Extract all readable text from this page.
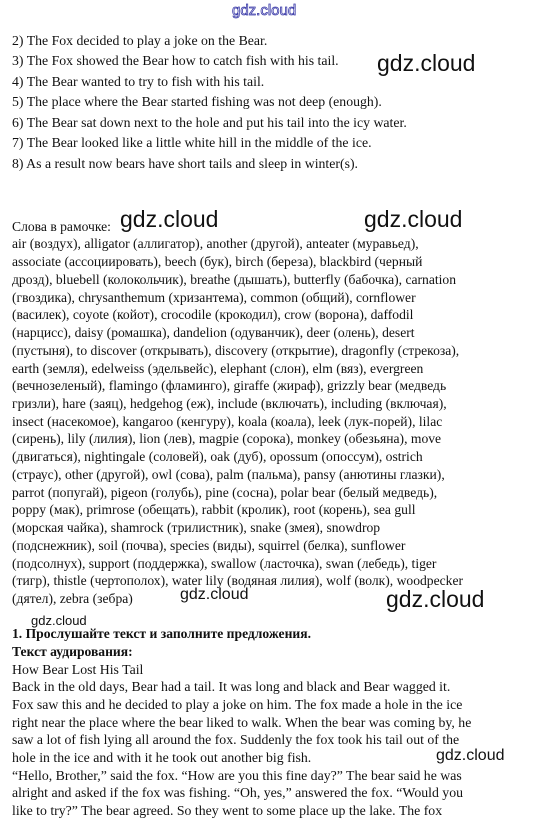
gdz.cloud
2) The Fox decided to play a joke on the Bear.
3) The Fox showed the Bear how to catch fish with his tail.
4) The Bear wanted to try to fish with his tail.
5) The place where the Bear started fishing was not deep (enough).
6) The Bear sat down next to the hole and put his tail into the icy water.
7) The Bear looked like a little white hill in the middle of the ice.
8) As a result now bears have short tails and sleep in winter(s).
gdz.cloud
Слова в рамочке: gdz.cloud	gdz.cloud
air (воздух), alligator (аллигатор), another (другой), anteater (муравьед),
associate (ассоциировать), beech (бук), birch (береза), blackbird (черный
дрозд), bluebell (колокольчик), breathe (дышать), butterfly (бабочка), carnation
(гвоздика), chrysanthemum (хризантема), common (общий), cornflower
(василек), coyote (койот), crocodile (крокодил), crow (ворона), daffodil
(нарцисс), daisy (ромашка), dandelion (одуванчик), deer (олень), desert
(пустыня), to discover (открывать), discovery (открытие), dragonfly (стрекоза),
earth (земля), edelweiss (эдельвейс), elephant (слон), elm (вяз), evergreen
(вечнозеленый), flamingo (фламинго), giraffe (жираф), grizzly bear (медведь
гризли), hare (заяц), hedgehog (еж), include (включать), including (включая),
insect (насекомое), kangaroo (кенгуру), koala (коала), leek (лук-порей), lilac
(сирень), lily (лилия), lion (лев), magpie (сорока), monkey (обезьяна), move
(двигаться), nightingale (соловей), oak (дуб), opossum (опоссум), ostrich
(страус), other (другой), owl (сова), palm (пальма), pansy (анютины глазки),
parrot (попугай), pigeon (голубь), pine (сосна), polar bear (белый медведь),
poppy (мак), primrose (обещать), rabbit (кролик), root (корень), sea gull
(морская чайка), shamrock (трилистник), snake (змея), snowdrop
(подснежник), soil (почва), species (виды), squirrel (белка), sunflower
(подсолнух), support (поддержка), swallow (ласточка), swan (лебедь), tiger
(тигр), thistle (чертополох), water lily (водяная лилия), wolf (волк), woodpecker
(дятел), zebra (зебра)	gdz.cloud	gdz.cloud
gdz.cloud
1. Прослушайте текст и заполните предложения.
Текст аудирования:
How Bear Lost His Tail
Back in the old days, Bear had a tail. It was long and black and Bear wagged it.
Fox saw this and he decided to play a joke on him. The fox made a hole in the ice
right near the place where the bear liked to walk. When the bear was coming by, he
saw a lot of fish lying all around the fox. Suddenly the fox took his tail out of the
hole in the ice and with it he took out another big fish.
“Hello, Brother,” said the fox. “How are you this fine day?” The bear said he was
alright and asked if the fox was fishing. “Oh, yes,” answered the fox. “Would you
like to try?” The bear agreed. So they went to some place up the lake. The fox
gdz.cloud
